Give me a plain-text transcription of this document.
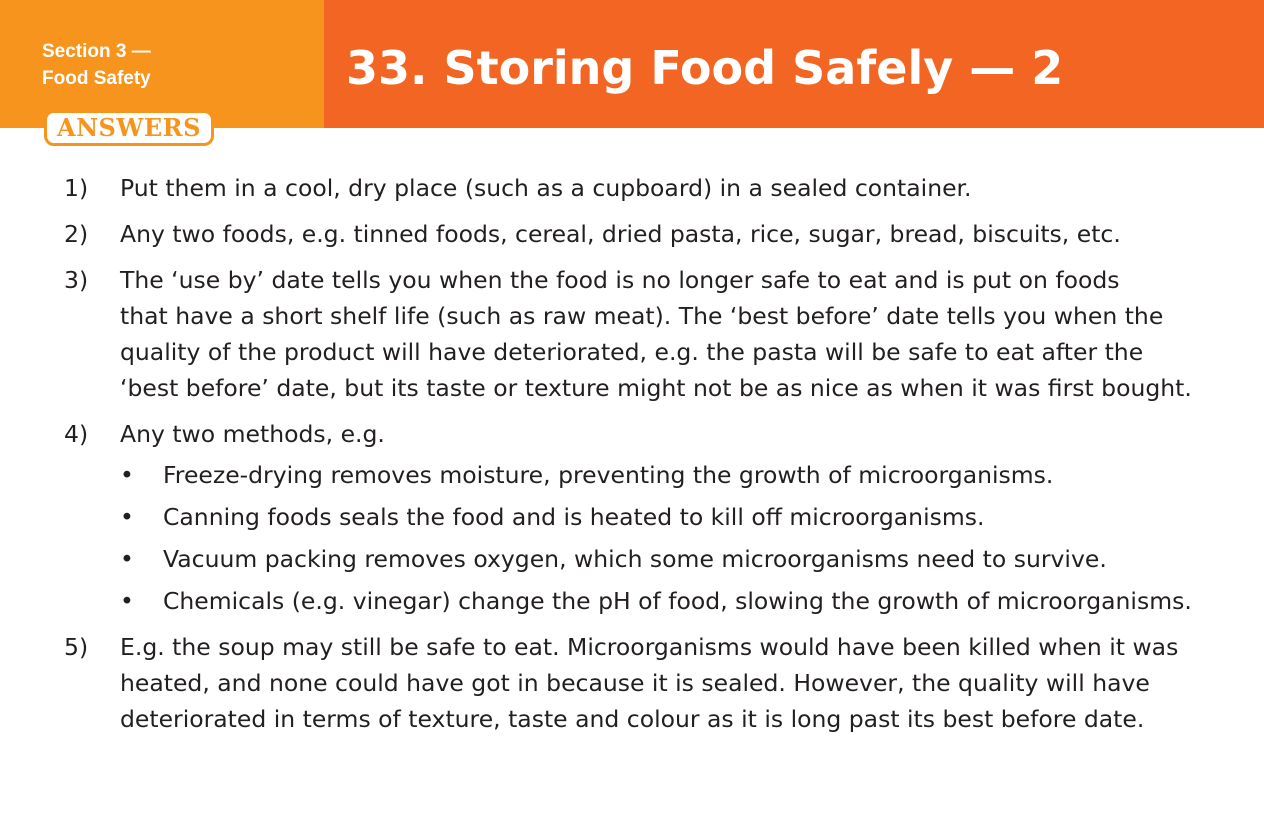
Section 3 —
Food Safety	33. Storing Food Safely — 2
ANSWERS
1) Put them in a cool, dry place (such as a cupboard) in a sealed container.
2) Any two foods, e.g. tinned foods, cereal, dried pasta, rice, sugar, bread, biscuits, etc.
3) The ‘use by’ date tells you when the food is no longer safe to eat and is put on foods
that have a short shelf life (such as raw meat). The ‘best before’ date tells you when the
quality of the product will have deteriorated, e.g. the pasta will be safe to eat after the
‘best before’ date, but its taste or texture might not be as nice as when it was first bought.
4) Any two methods, e.g.
• Freeze-drying removes moisture, preventing the growth of microorganisms.
• Canning foods seals the food and is heated to kill off microorganisms.
• Vacuum packing removes oxygen, which some microorganisms need to survive.
• Chemicals (e.g. vinegar) change the pH of food, slowing the growth of microorganisms.
5) E.g. the soup may still be safe to eat. Microorganisms would have been killed when it was
heated, and none could have got in because it is sealed. However, the quality will have
deteriorated in terms of texture, taste and colour as it is long past its best before date.
